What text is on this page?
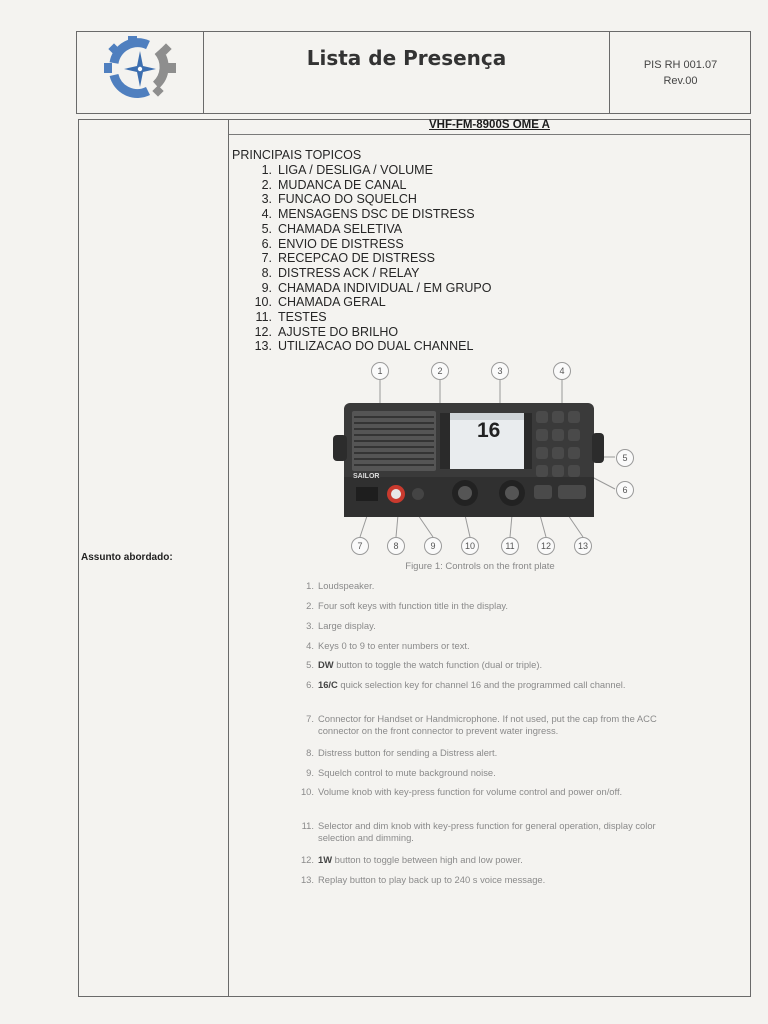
Lista de Presença	PIS RH 001.07
Rev.00
Assunto abordado:
VHF-FM-8900S OME A
PRINCIPAIS TOPICOS
1. LIGA / DESLIGA / VOLUME
2. MUDANCA DE CANAL
3. FUNCAO DO SQUELCH
4. MENSAGENS DSC DE DISTRESS
5. CHAMADA SELETIVA
6. ENVIO DE DISTRESS
7. RECEPCAO DE DISTRESS
8. DISTRESS ACK / RELAY
9. CHAMADA INDIVIDUAL / EM GRUPO
10. CHAMADA GERAL
11. TESTES
12. AJUSTE DO BRILHO
13. UTILIZACAO DO DUAL CHANNEL
16
SAILOR
1	2	3	4
5
6
7	8	9	10	11	12	13
Figure 1: Controls on the front plate
1. Loudspeaker.
2. Four soft keys with function title in the display.
3. Large display.
4. Keys 0 to 9 to enter numbers or text.
5. DW button to toggle the watch function (dual or triple).
6. 16/C quick selection key for channel 16 and the programmed call channel.
7. Connector for Handset or Handmicrophone. If not used, put the cap from the ACC connector on the front connector to prevent water ingress.
8. Distress button for sending a Distress alert.
9. Squelch control to mute background noise.
10. Volume knob with key-press function for volume control and power on/off.
11. Selector and dim knob with key-press function for general operation, display color selection and dimming.
12. 1W button to toggle between high and low power.
13. Replay button to play back up to 240 s voice message.
